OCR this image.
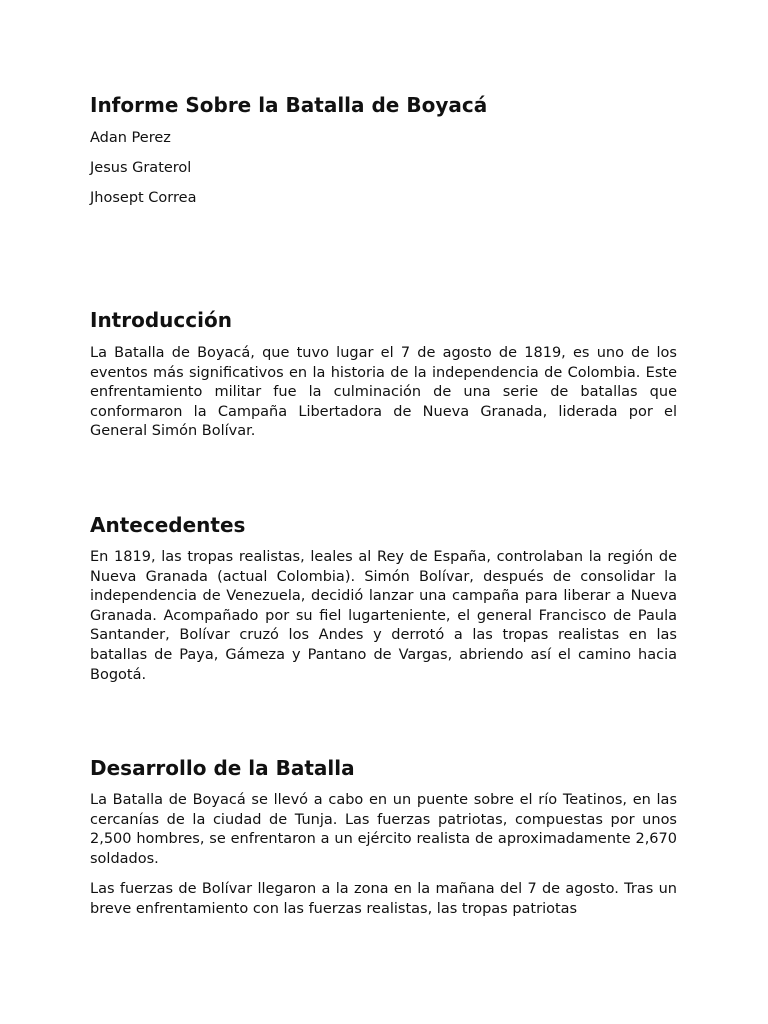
Informe Sobre la Batalla de Boyacá

Adan Perez

Jesus Graterol

Jhosept Correa

Introducción

La Batalla de Boyacá, que tuvo lugar el 7 de agosto de 1819, es uno de los eventos más significativos en la historia de la independencia de Colombia. Este enfrentamiento militar fue la culminación de una serie de batallas que conformaron la Campaña Libertadora de Nueva Granada, liderada por el General Simón Bolívar.

Antecedentes

En 1819, las tropas realistas, leales al Rey de España, controlaban la región de Nueva Granada (actual Colombia). Simón Bolívar, después de consolidar la independencia de Venezuela, decidió lanzar una campaña para liberar a Nueva Granada. Acompañado por su fiel lugarteniente, el general Francisco de Paula Santander, Bolívar cruzó los Andes y derrotó a las tropas realistas en las batallas de Paya, Gámeza y Pantano de Vargas, abriendo así el camino hacia Bogotá.

Desarrollo de la Batalla

La Batalla de Boyacá se llevó a cabo en un puente sobre el río Teatinos, en las cercanías de la ciudad de Tunja. Las fuerzas patriotas, compuestas por unos 2,500 hombres, se enfrentaron a un ejército realista de aproximadamente 2,670 soldados.

Las fuerzas de Bolívar llegaron a la zona en la mañana del 7 de agosto. Tras un breve enfrentamiento con las fuerzas realistas, las tropas patriotas
